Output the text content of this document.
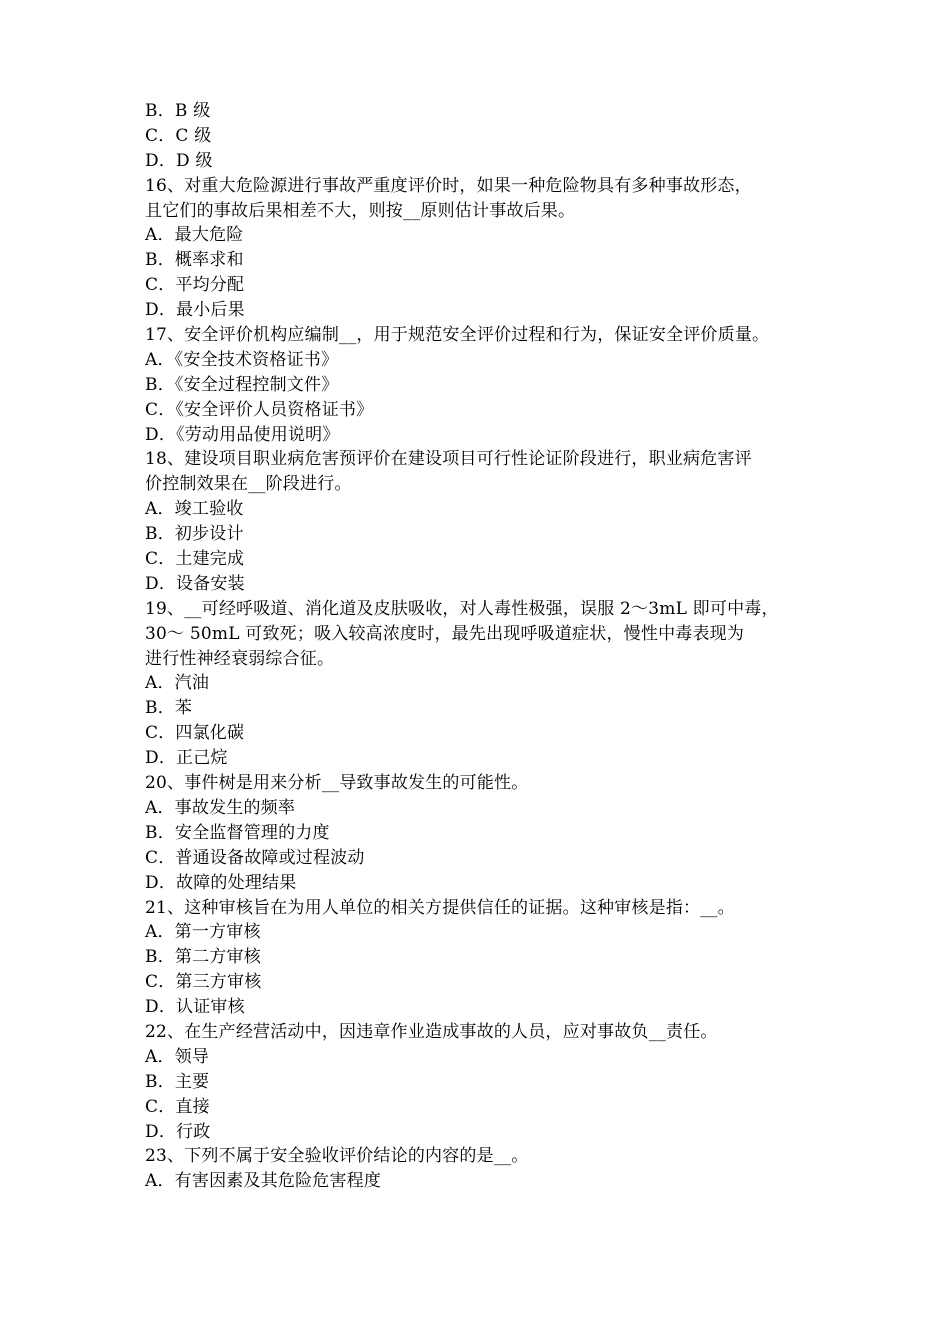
B．B 级
C．C 级
D．D 级
16、对重大危险源进行事故严重度评价时，如果一种危险物具有多种事故形态，
且它们的事故后果相差不大，则按__原则估计事故后果。
A．最大危险
B．概率求和
C．平均分配
D．最小后果
17、安全评价机构应编制__，用于规范安全评价过程和行为，保证安全评价质量。
A．《安全技术资格证书》
B．《安全过程控制文件》
C．《安全评价人员资格证书》
D．《劳动用品使用说明》
18、建设项目职业病危害预评价在建设项目可行性论证阶段进行，职业病危害评
价控制效果在__阶段进行。
A．竣工验收
B．初步设计
C．土建完成
D．设备安装
19、__可经呼吸道、消化道及皮肤吸收，对人毒性极强，误服 2～3mL 即可中毒，
30～ 50mL 可致死；吸入较高浓度时，最先出现呼吸道症状，慢性中毒表现为
进行性神经衰弱综合征。
A．汽油
B．苯
C．四氯化碳
D．正己烷
20、事件树是用来分析__导致事故发生的可能性。
A．事故发生的频率
B．安全监督管理的力度
C．普通设备故障或过程波动
D．故障的处理结果
21、这种审核旨在为用人单位的相关方提供信任的证据。这种审核是指：__。
A．第一方审核
B．第二方审核
C．第三方审核
D．认证审核
22、在生产经营活动中，因违章作业造成事故的人员，应对事故负__责任。
A．领导
B．主要
C．直接
D．行政
23、下列不属于安全验收评价结论的内容的是__。
A．有害因素及其危险危害程度
